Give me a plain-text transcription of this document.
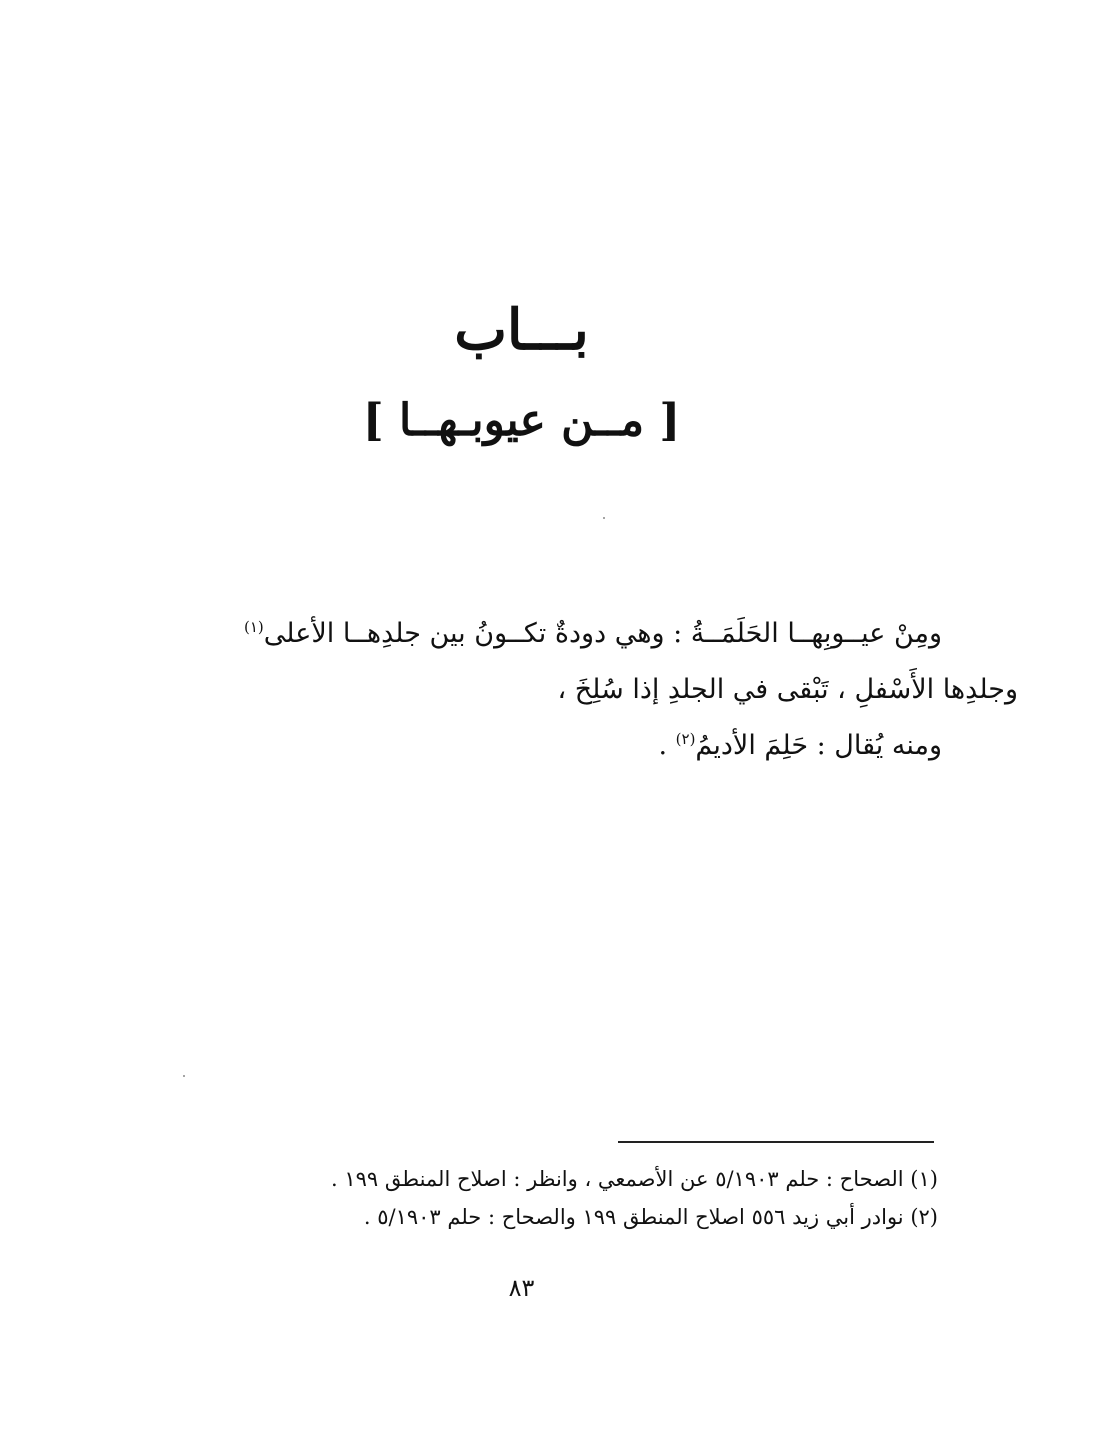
بـــاب
[ مــن عيوبـهــا ]
ومِنْ عيــوبِهــا الحَلَمَــةُ : وهي دودةٌ تكــونُ بين جلدِهــا الأعلى$^{(١)}$
وجلدِها الأَسْفلِ ، تَبْقى في الجلدِ إذا سُلِخَ ،
ومنه يُقال : حَلِمَ الأديمُ$^{(٢)}$ .
(١) الصحاح : حلم ٥/١٩٠٣ عن الأصمعي ، وانظر : اصلاح المنطق ١٩٩ .
(٢) نوادر أبي زيد ٥٥٦ اصلاح المنطق ١٩٩ والصحاح : حلم ٥/١٩٠٣ .
٨٣
